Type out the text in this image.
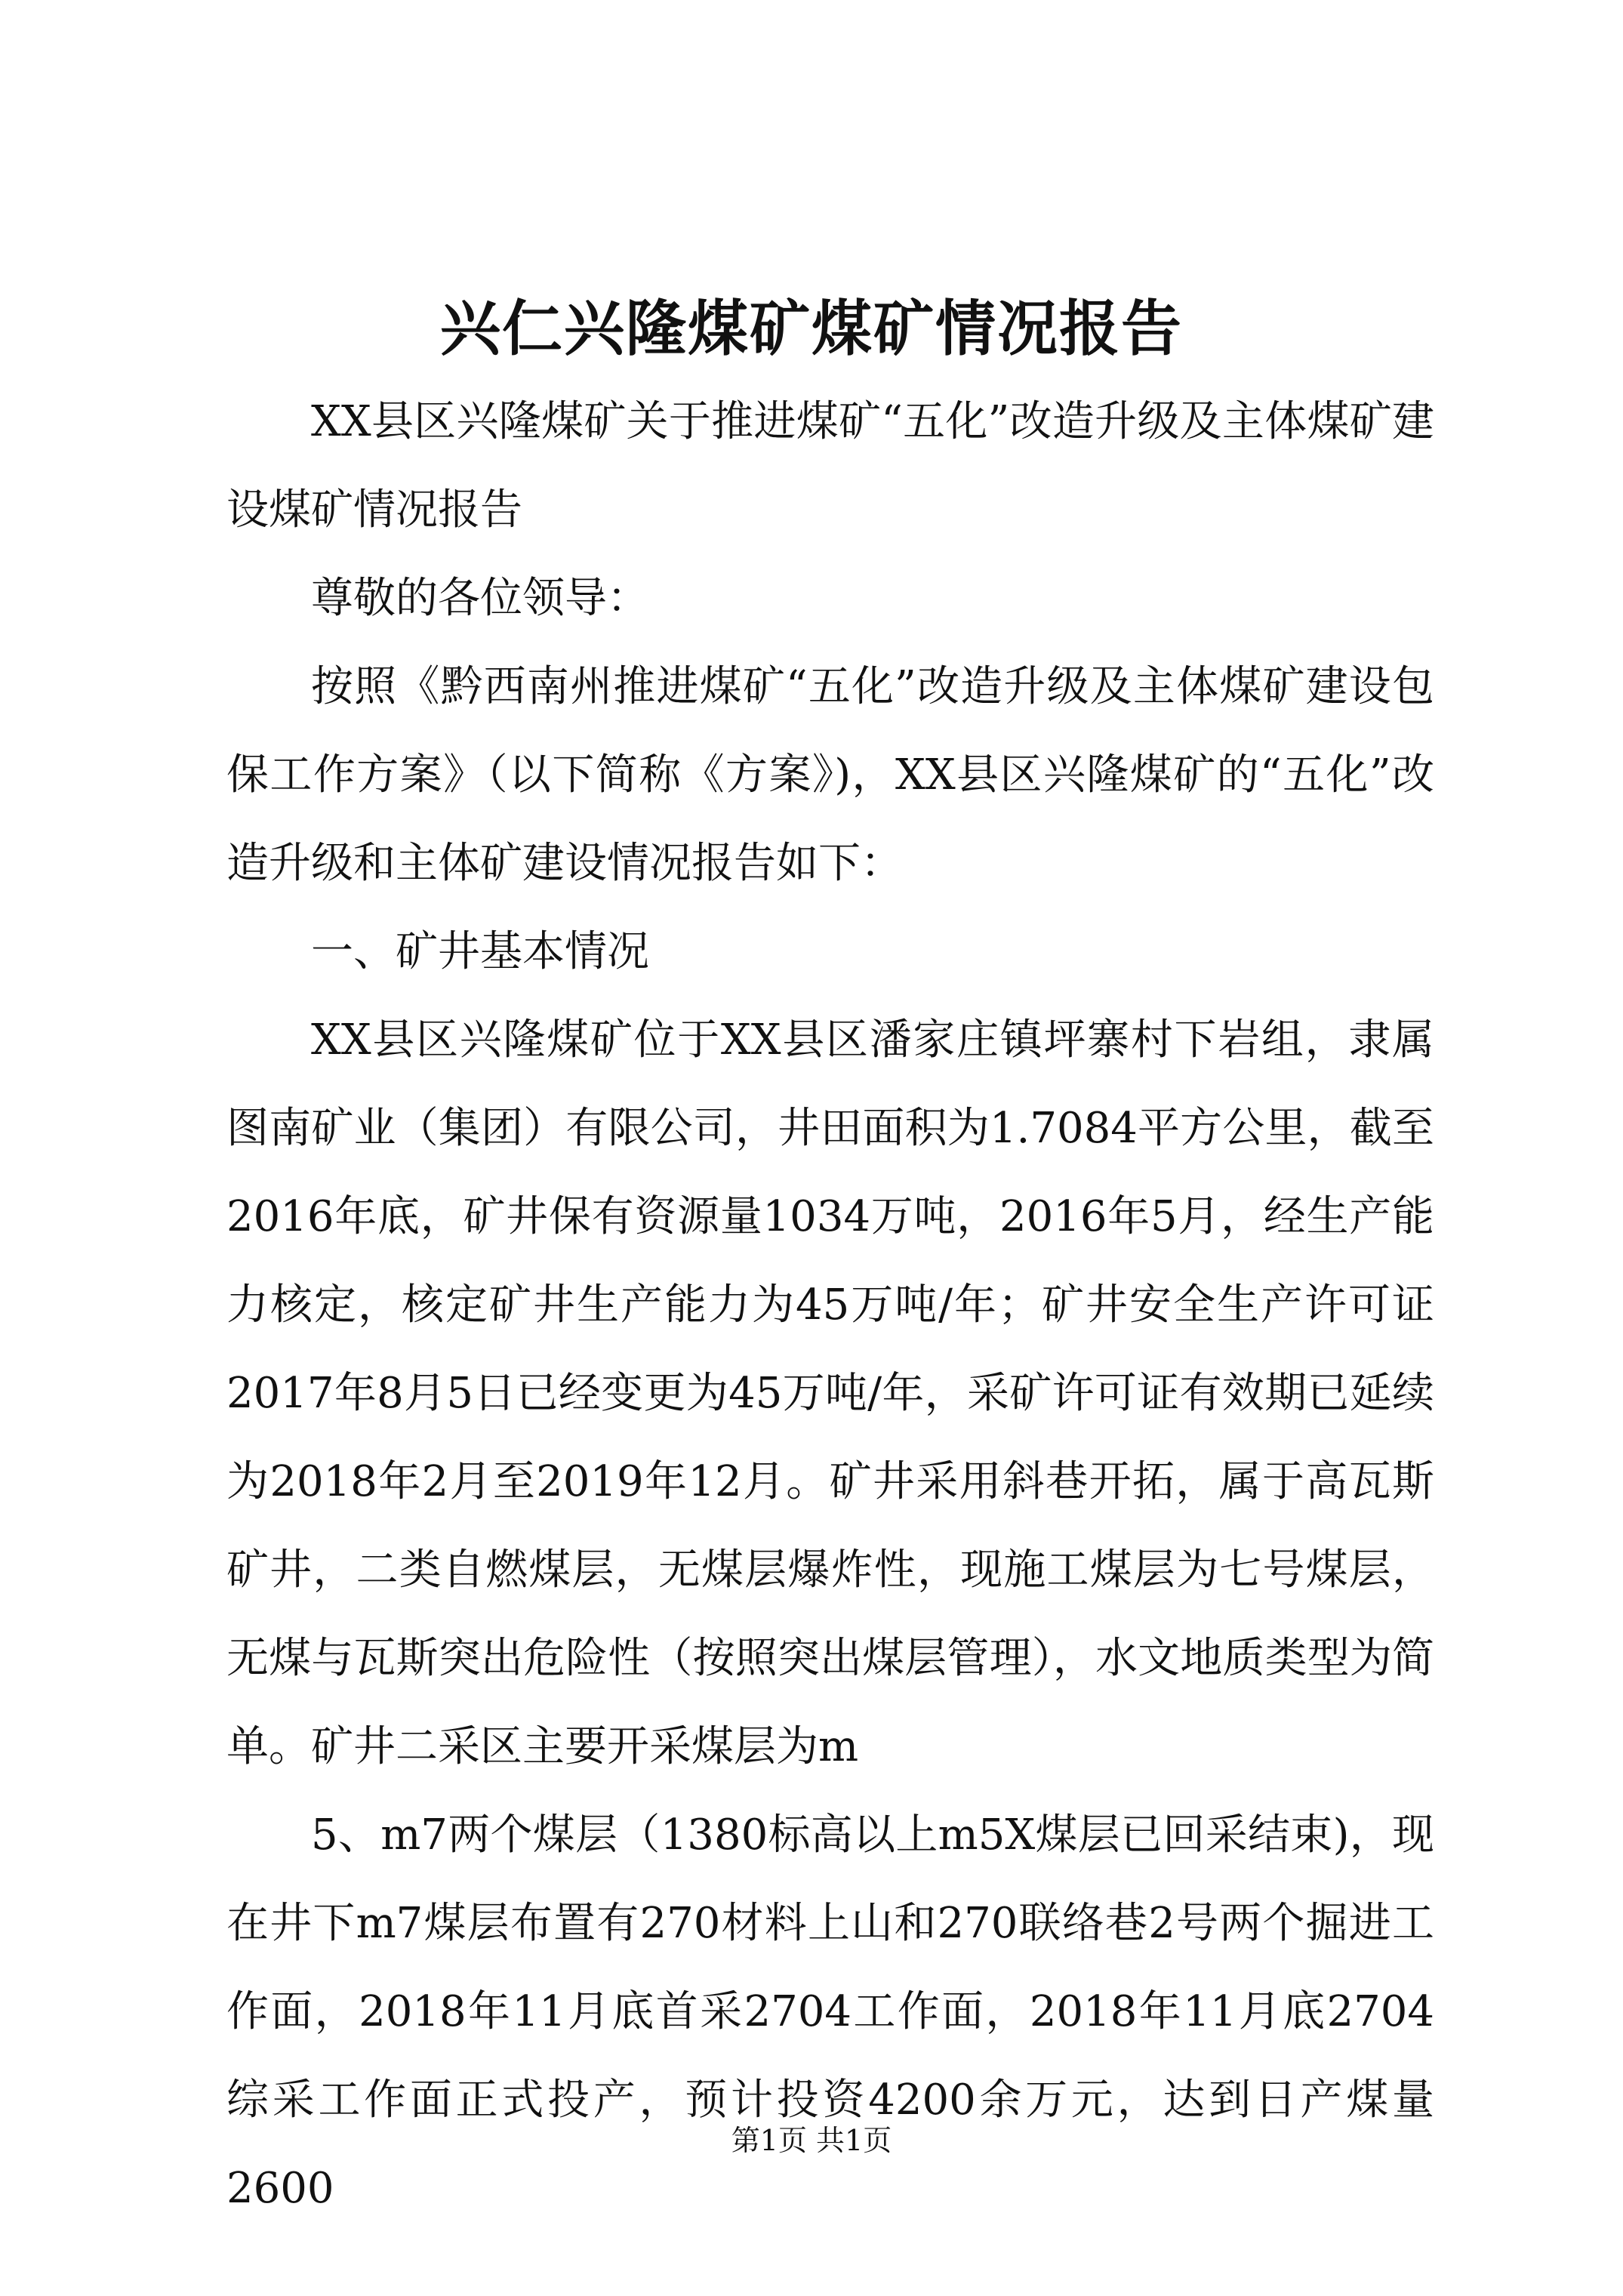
兴仁兴隆煤矿煤矿情况报告

XX县区兴隆煤矿关于推进煤矿“五化”改造升级及主体煤矿建设煤矿情况报告

尊敬的各位领导：

按照《黔西南州推进煤矿“五化”改造升级及主体煤矿建设包保工作方案》（以下简称《方案》)，XX县区兴隆煤矿的“五化”改造升级和主体矿建设情况报告如下：

一、矿井基本情况

XX县区兴隆煤矿位于XX县区潘家庄镇坪寨村下岩组，隶属图南矿业（集团）有限公司，井田面积为1.7084平方公里，截至2016年底，矿井保有资源量1034万吨，2016年5月，经生产能力核定，核定矿井生产能力为45万吨/年；矿井安全生产许可证2017年8月5日已经变更为45万吨/年，采矿许可证有效期已延续为2018年2月至2019年12月。矿井采用斜巷开拓，属于高瓦斯矿井，二类自燃煤层，无煤层爆炸性，现施工煤层为七号煤层，无煤与瓦斯突出危险性（按照突出煤层管理），水文地质类型为简单。矿井二采区主要开采煤层为m

5、m7两个煤层（1380标高以上m5X煤层已回采结束)，现在井下m7煤层布置有270材料上山和270联络巷2号两个掘进工作面，2018年11月底首采2704工作面，2018年11月底2704综采工作面正式投产，预计投资4200余万元，达到日产煤量2600

第1页 共1页
